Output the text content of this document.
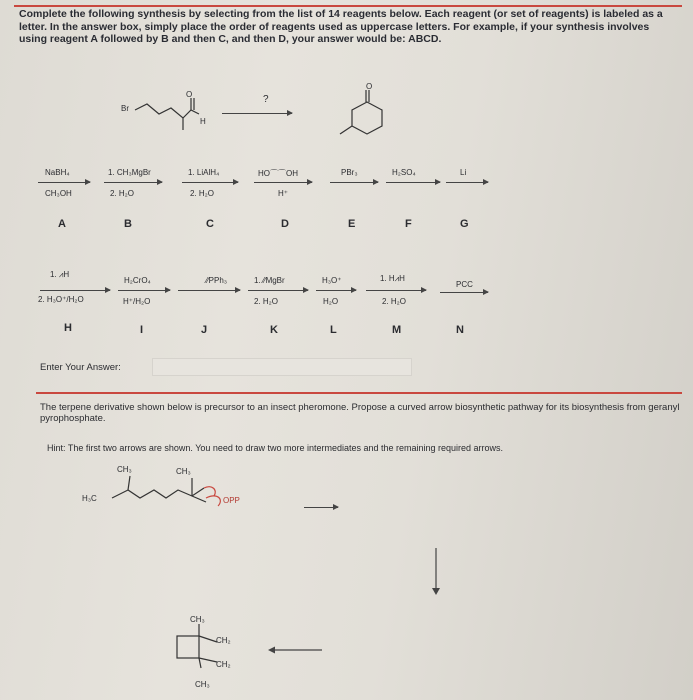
Complete the following synthesis by selecting from the list of 14 reagents below. Each reagent (or set of reagents) is labeled as a letter. In the answer box, simply place the order of reagents used as uppercase letters. For example, if your synthesis involves using reagent A followed by B and then C, and then D, your answer would be: ABCD.
Br
H
O	?
O
NaBH₄
CH₃OH
A
1. CH₃MgBr
2. H₂O
B
1. LiAlH₄
2. H₂O
C
HO⌒⌒OH
H⁺
D
PBr₃
E
H₂SO₄
F
Li
G
1. ⩘H
2. H₃O⁺/H₂O
H
H₂CrO₄
H⁺/H₂O
I
⁄⁄PPh₃
J
1. ⁄⁄MgBr
2. H₂O
K
H₃O⁺
H₂O
L
1. H⩘H
2. H₂O
M
PCC
N
Enter Your Answer:
The terpene derivative shown below is precursor to an insect pheromone. Propose a curved arrow biosynthetic pathway for its biosynthesis from geranyl pyrophosphate.
Hint: The first two arrows are shown. You need to draw two more intermediates and the remaining required arrows.
CH₃	CH₃
H₃C	OPP
CH₃
CH₂
CH₂
CH₃
